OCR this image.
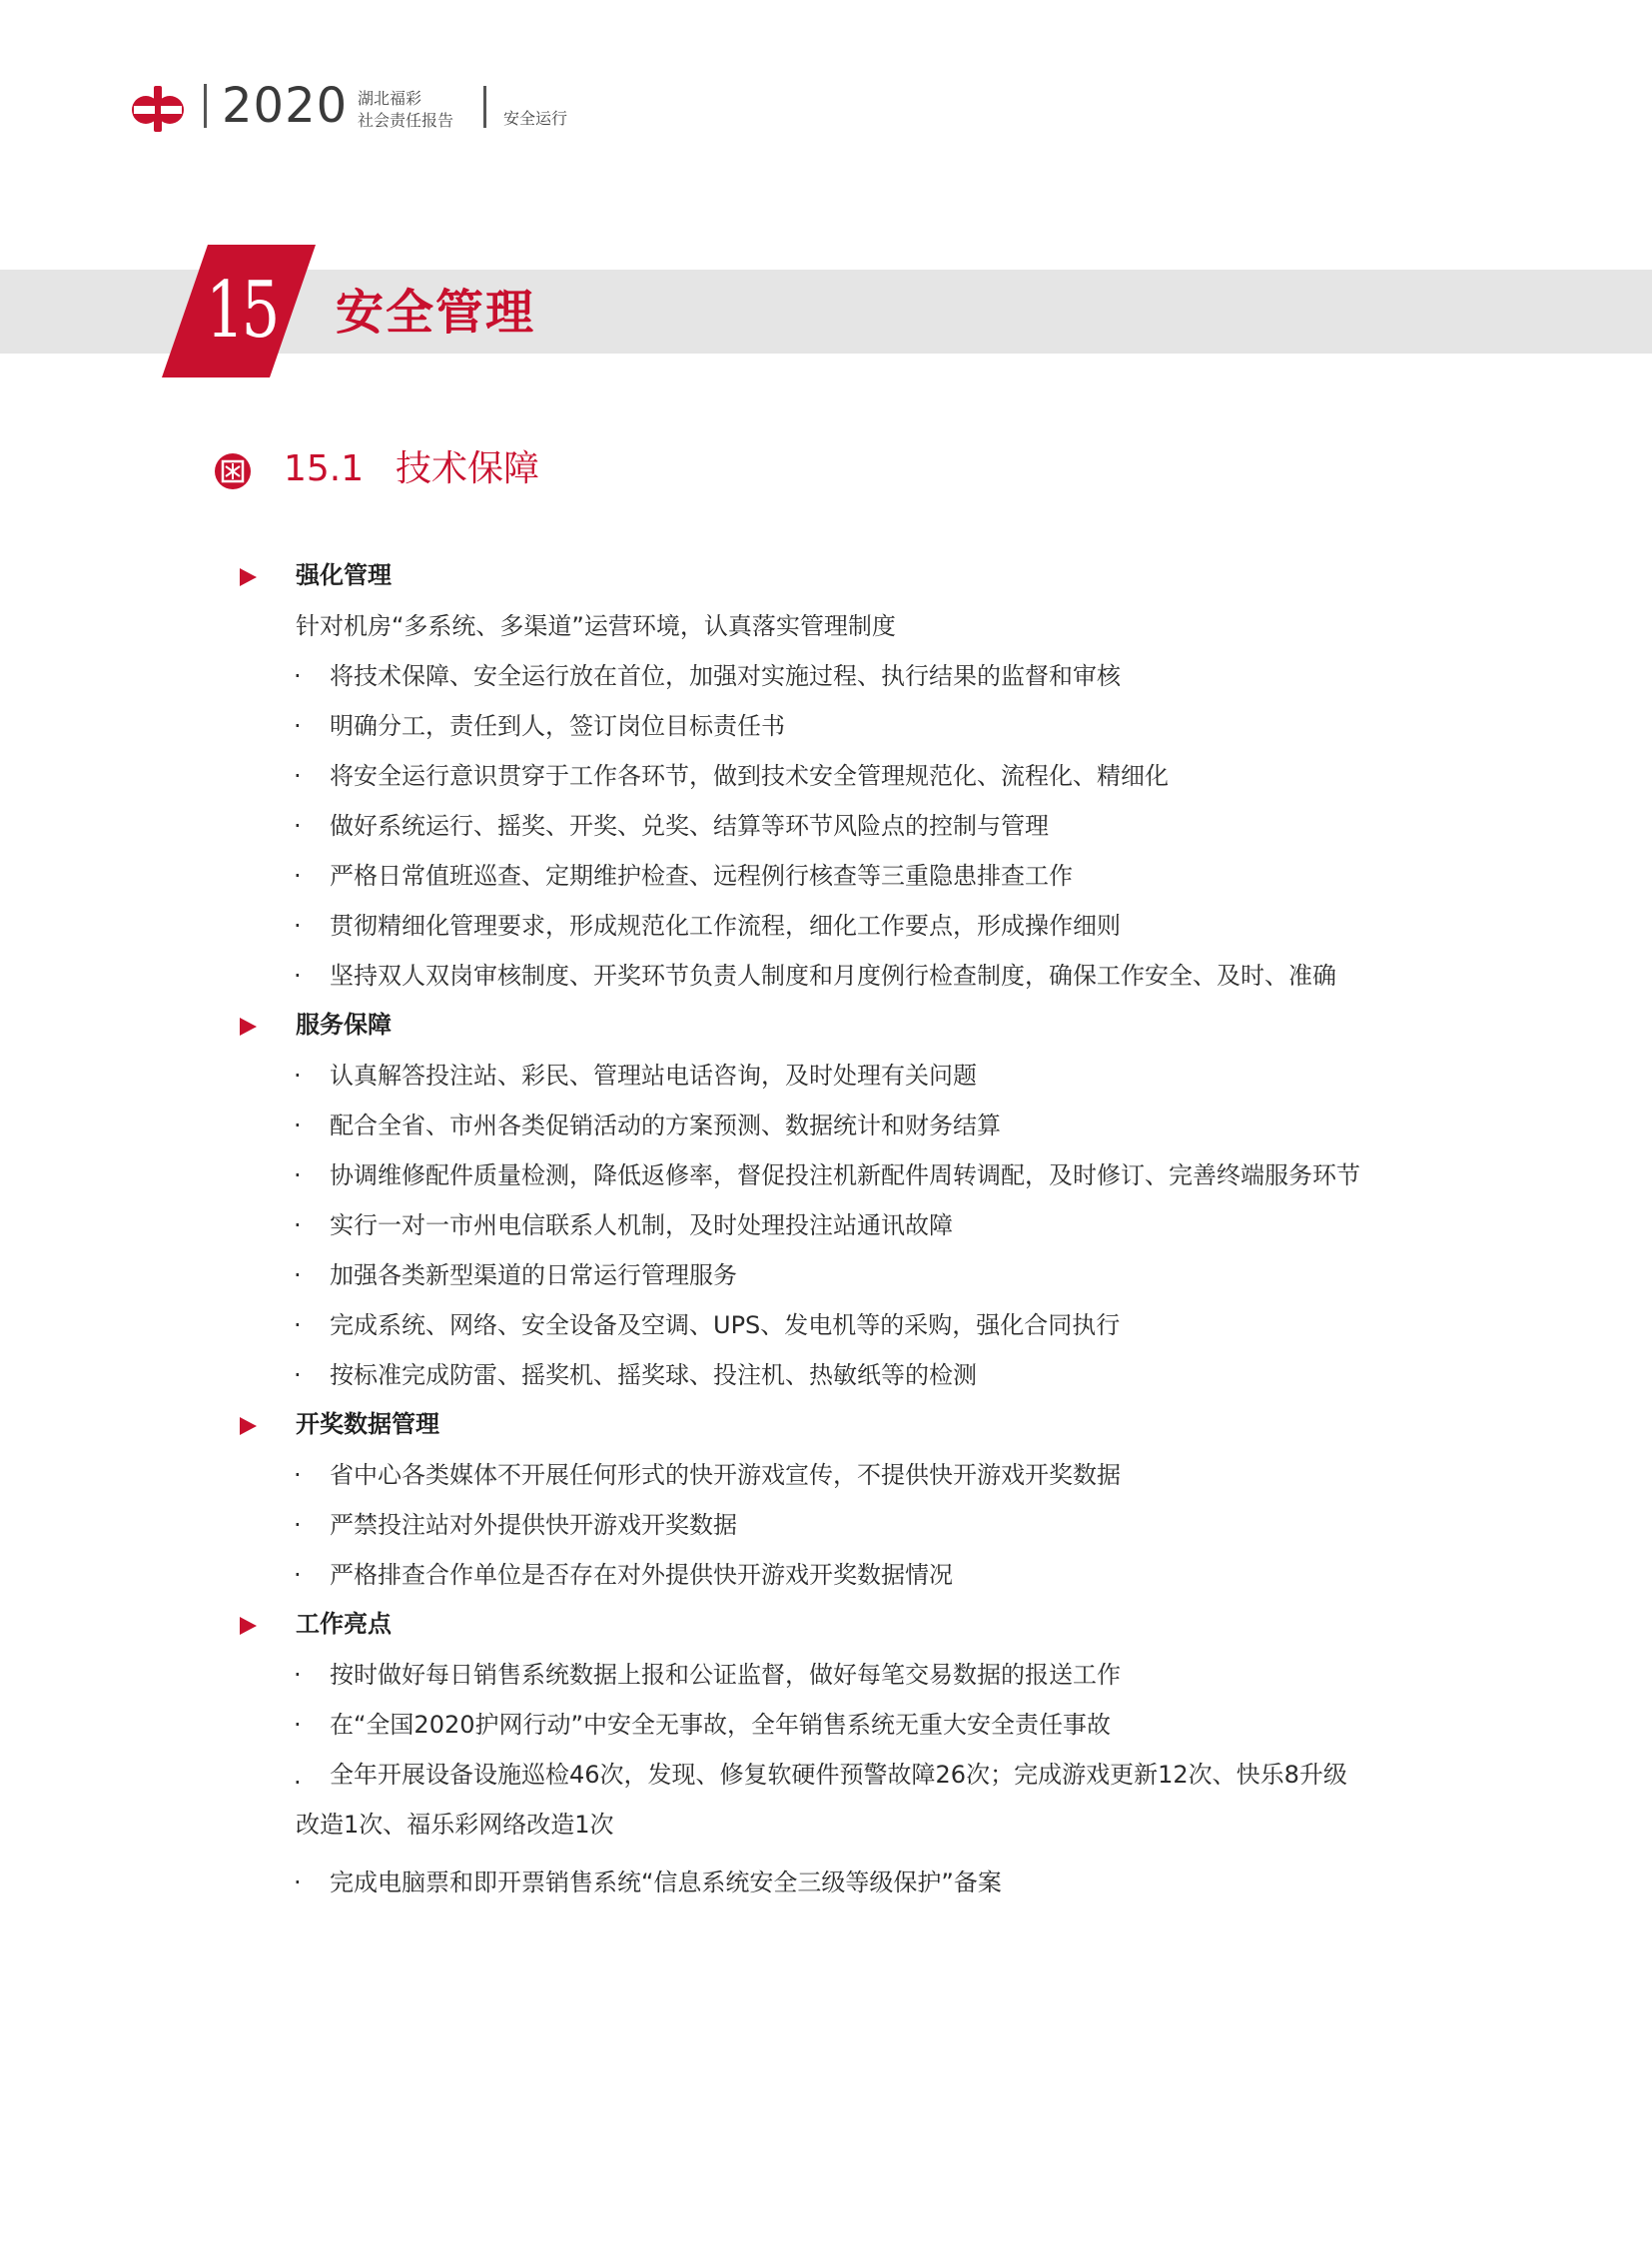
2020 湖北福彩
社会责任报告	安全运行
15 安全管理
15.1 技术保障
强化管理
针对机房“多系统、多渠道”运营环境，认真落实管理制度
· 将技术保障、安全运行放在首位，加强对实施过程、执行结果的监督和审核
· 明确分工，责任到人，签订岗位目标责任书
· 将安全运行意识贯穿于工作各环节，做到技术安全管理规范化、流程化、精细化
· 做好系统运行、摇奖、开奖、兑奖、结算等环节风险点的控制与管理
· 严格日常值班巡查、定期维护检查、远程例行核查等三重隐患排查工作
· 贯彻精细化管理要求，形成规范化工作流程，细化工作要点，形成操作细则
· 坚持双人双岗审核制度、开奖环节负责人制度和月度例行检查制度，确保工作安全、及时、准确
服务保障
· 认真解答投注站、彩民、管理站电话咨询，及时处理有关问题
· 配合全省、市州各类促销活动的方案预测、数据统计和财务结算
· 协调维修配件质量检测，降低返修率，督促投注机新配件周转调配，及时修订、完善终端服务环节
· 实行一对一市州电信联系人机制，及时处理投注站通讯故障
· 加强各类新型渠道的日常运行管理服务
· 完成系统、网络、安全设备及空调、UPS、发电机等的采购，强化合同执行
· 按标准完成防雷、摇奖机、摇奖球、投注机、热敏纸等的检测
开奖数据管理
· 省中心各类媒体不开展任何形式的快开游戏宣传，不提供快开游戏开奖数据
· 严禁投注站对外提供快开游戏开奖数据
· 严格排查合作单位是否存在对外提供快开游戏开奖数据情况
工作亮点
· 按时做好每日销售系统数据上报和公证监督，做好每笔交易数据的报送工作
· 在“全国2020护网行动”中安全无事故，全年销售系统无重大安全责任事故
·	全年开展设备设施巡检46次，发现、修复软硬件预警故障26次；完成游戏更新12次、快乐8升级
改造1次、福乐彩网络改造1次
· 完成电脑票和即开票销售系统“信息系统安全三级等级保护”备案
